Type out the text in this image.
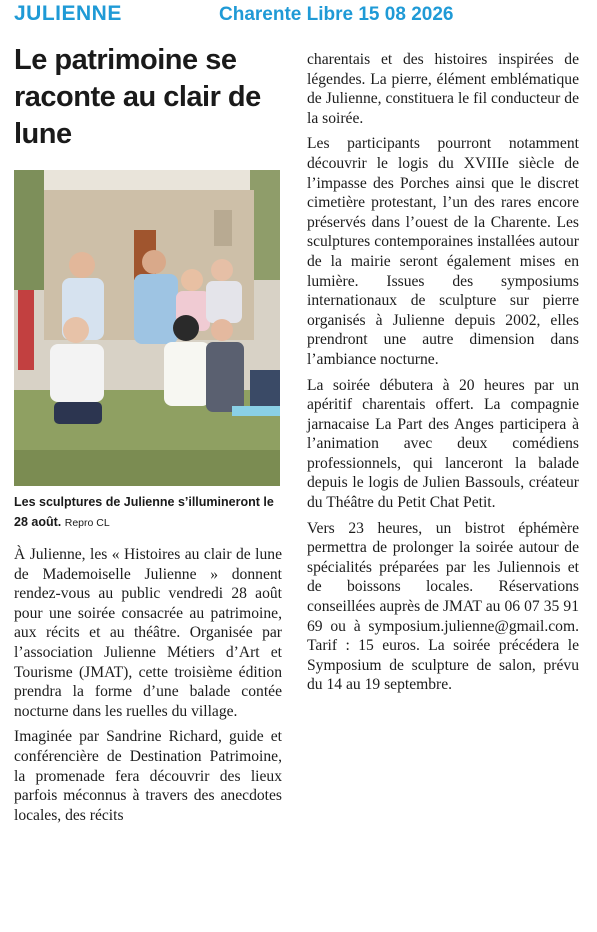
JULIENNE	Charente Libre 15 08 2026
Le patrimoine se raconte au clair de lune
Les sculptures de Julienne s’illumineront le 28 août. Repro CL

À Julienne, les « Histoires au clair de lune de Mademoiselle Julienne » donnent rendez-vous au public vendredi 28 août pour une soirée consacrée au patrimoine, aux récits et au théâtre. Organisée par l’association Julienne Métiers d’Art et Tourisme (JMAT), cette troisième édition prendra la forme d’une balade contée nocturne dans les ruelles du village.

Imaginée par Sandrine Richard, guide et conférencière de Destination Patrimoine, la promenade fera découvrir des lieux parfois méconnus à travers des anecdotes locales, des récits

charentais et des histoires inspirées de légendes. La pierre, élément emblématique de Julienne, constituera le fil conducteur de la soirée.

Les participants pourront notamment découvrir le logis du XVIIIe siècle de l’impasse des Porches ainsi que le discret cimetière protestant, l’un des rares encore préservés dans l’ouest de la Charente. Les sculptures contemporaines installées autour de la mairie seront également mises en lumière. Issues des symposiums internationaux de sculpture sur pierre organisés à Julienne depuis 2002, elles prendront une autre dimension dans l’ambiance nocturne.

La soirée débutera à 20 heures par un apéritif charentais offert. La compagnie jarnacaise La Part des Anges participera à l’animation avec deux comédiens professionnels, qui lanceront la balade depuis le logis de Julien Bassouls, créateur du Théâtre du Petit Chat Petit.

Vers 23 heures, un bistrot éphémère permettra de prolonger la soirée autour de spécialités préparées par les Juliennois et de boissons locales. Réservations conseillées auprès de JMAT au 06 07 35 91 69 ou à symposium.julienne@gmail.com. Tarif : 15 euros. La soirée précédera le Symposium de sculpture de salon, prévu du 14 au 19 septembre.
